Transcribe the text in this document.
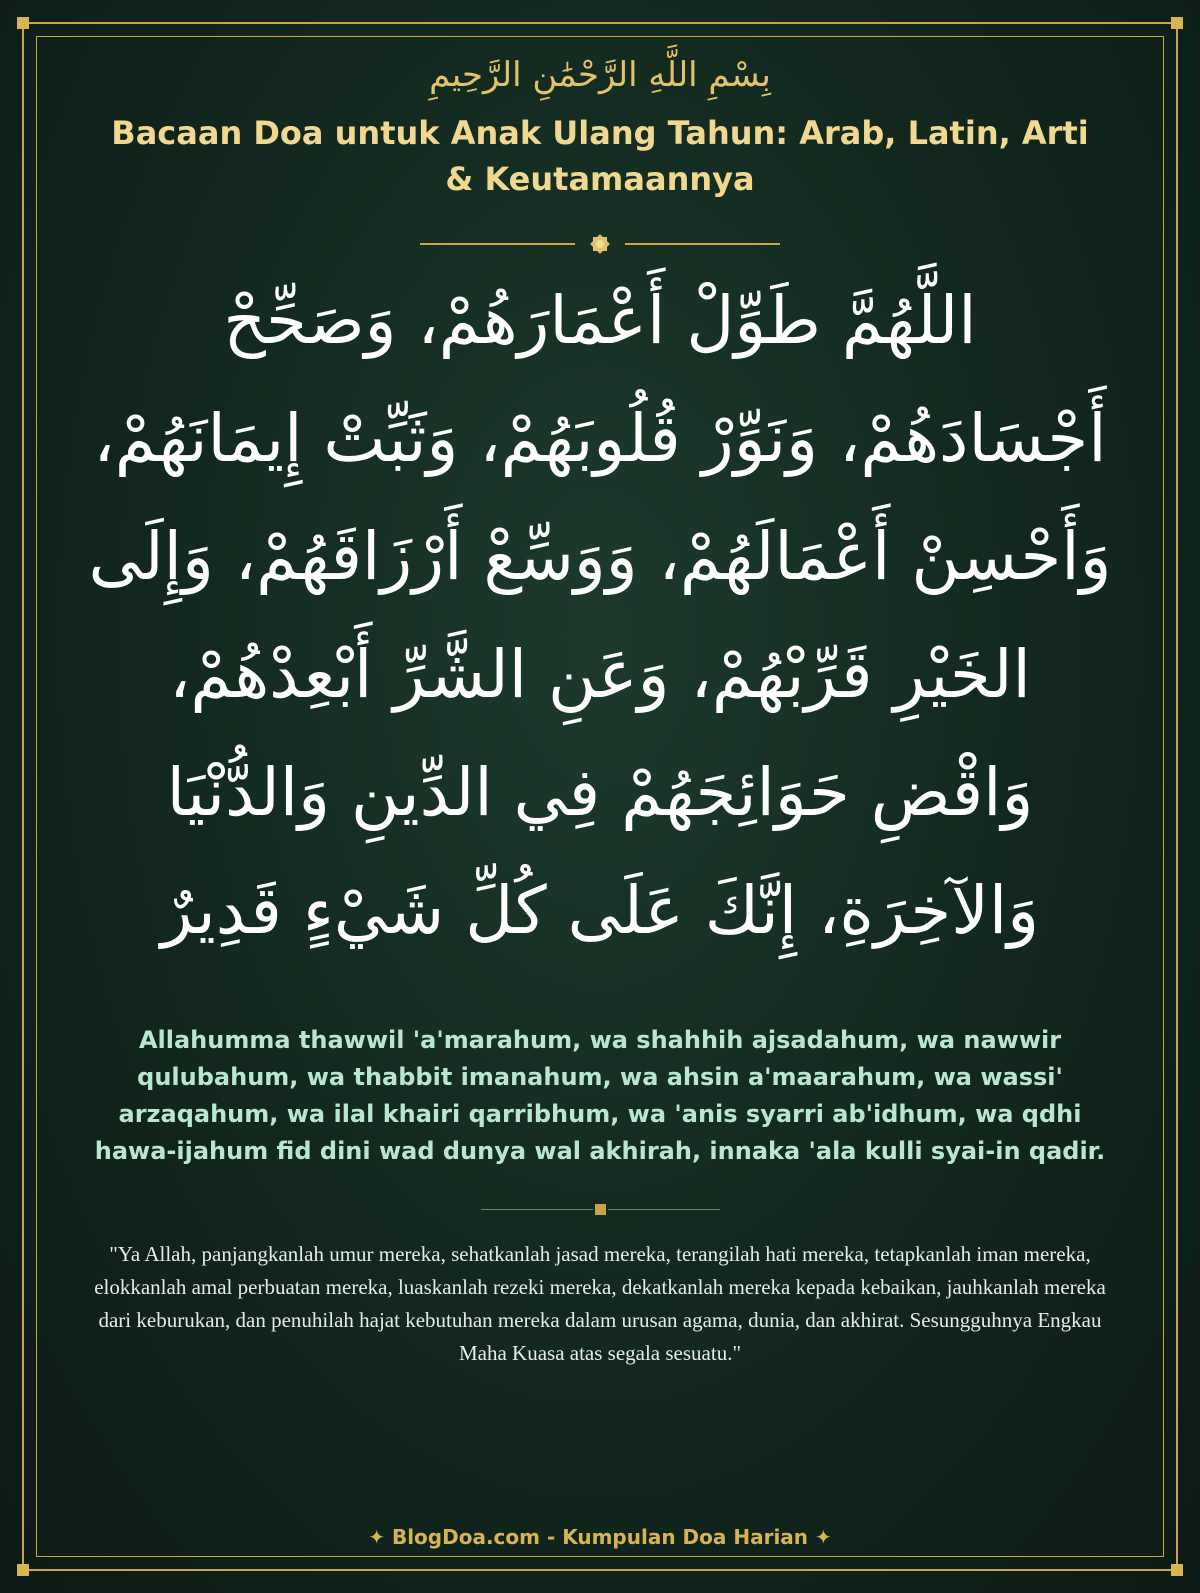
بِسْمِ اللَّهِ الرَّحْمَٰنِ الرَّحِيمِ
Bacaan Doa untuk Anak Ulang Tahun: Arab, Latin, Arti & Keutamaannya
اللَّهُمَّ طَوِّلْ أَعْمَارَهُمْ، وَصَحِّحْ أَجْسَادَهُمْ، وَنَوِّرْ قُلُوبَهُمْ، وَثَبِّتْ إِيمَانَهُمْ، وَأَحْسِنْ أَعْمَالَهُمْ، وَوَسِّعْ أَرْزَاقَهُمْ، وَإِلَى الخَيْرِ قَرِّبْهُمْ، وَعَنِ الشَّرِّ أَبْعِدْهُمْ، وَاقْضِ حَوَائِجَهُمْ فِي الدِّينِ وَالدُّنْيَا وَالآخِرَةِ، إِنَّكَ عَلَى كُلِّ شَيْءٍ قَدِيرٌ
Allahumma thawwil 'a'marahum, wa shahhih ajsadahum, wa nawwir qulubahum, wa thabbit imanahum, wa ahsin a'maarahum, wa wassi' arzaqahum, wa ilal khairi qarribhum, wa 'anis syarri ab'idhum, wa qdhi hawa-ijahum fid dini wad dunya wal akhirah, innaka 'ala kulli syai-in qadir.
"Ya Allah, panjangkanlah umur mereka, sehatkanlah jasad mereka, terangilah hati mereka, tetapkanlah iman mereka, elokkanlah amal perbuatan mereka, luaskanlah rezeki mereka, dekatkanlah mereka kepada kebaikan, jauhkanlah mereka dari keburukan, dan penuhilah hajat kebutuhan mereka dalam urusan agama, dunia, dan akhirat. Sesungguhnya Engkau Maha Kuasa atas segala sesuatu."
✦ BlogDoa.com - Kumpulan Doa Harian ✦
